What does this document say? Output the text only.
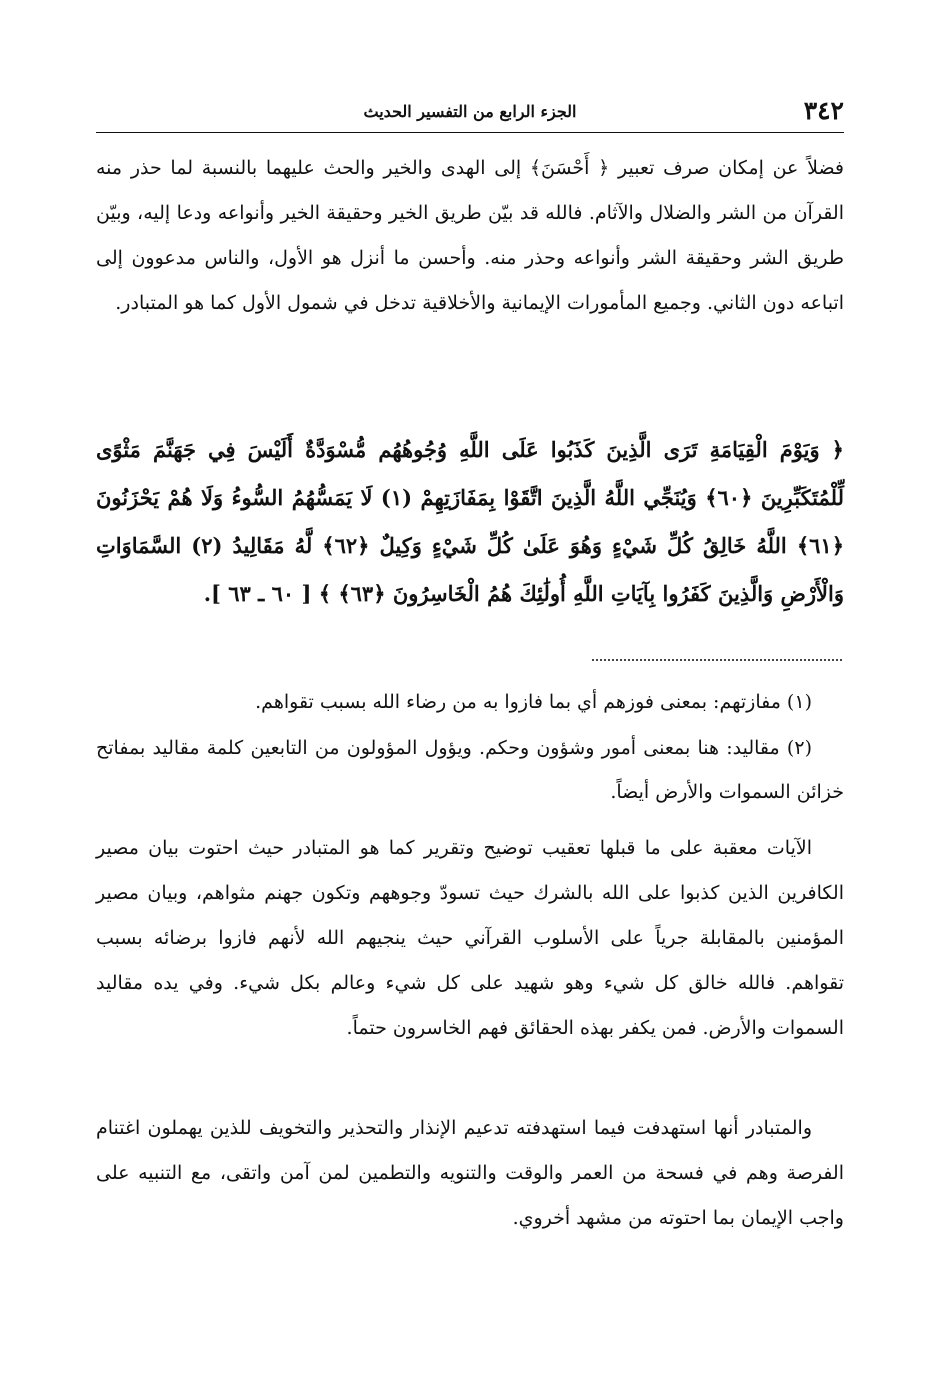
٣٤٢
الجزء الرابع من التفسير الحديث

فضلاً عن إمكان صرف تعبير ﴿ أَحْسَنَ﴾ إلى الهدى والخير والحث عليهما بالنسبة لما حذر منه القرآن من الشر والضلال والآثام. فالله قد بيّن طريق الخير وحقيقة الخير وأنواعه ودعا إليه، وبيّن طريق الشر وحقيقة الشر وأنواعه وحذر منه. وأحسن ما أنزل هو الأول، والناس مدعوون إلى اتباعه دون الثاني. وجميع المأمورات الإيمانية والأخلاقية تدخل في شمول الأول كما هو المتبادر.

﴿ وَيَوْمَ الْقِيَامَةِ تَرَى الَّذِينَ كَذَبُوا عَلَى اللَّهِ وُجُوهُهُم مُّسْوَدَّةٌ أَلَيْسَ فِي جَهَنَّمَ مَثْوًى لِّلْمُتَكَبِّرِينَ ﴿٦٠﴾ وَيُنَجِّي اللَّهُ الَّذِينَ اتَّقَوْا بِمَفَازَتِهِمْ (١) لَا يَمَسُّهُمُ السُّوءُ وَلَا هُمْ يَحْزَنُونَ ﴿٦١﴾ اللَّهُ خَالِقُ كُلِّ شَيْءٍ وَهُوَ عَلَىٰ كُلِّ شَيْءٍ وَكِيلٌ ﴿٦٢﴾ لَّهُ مَقَالِيدُ (٢) السَّمَاوَاتِ وَالْأَرْضِ وَالَّذِينَ كَفَرُوا بِآيَاتِ اللَّهِ أُولَٰئِكَ هُمُ الْخَاسِرُونَ ﴿٦٣﴾ ﴾ [ ٦٠ ـ ٦٣ ].

(١) مفازتهم: بمعنى فوزهم أي بما فازوا به من رضاء الله بسبب تقواهم.

(٢) مقاليد: هنا بمعنى أمور وشؤون وحكم. ويؤول المؤولون من التابعين كلمة مقاليد بمفاتح خزائن السموات والأرض أيضاً.

الآيات معقبة على ما قبلها تعقيب توضيح وتقرير كما هو المتبادر حيث احتوت بيان مصير الكافرين الذين كذبوا على الله بالشرك حيث تسودّ وجوههم وتكون جهنم مثواهم، وبيان مصير المؤمنين بالمقابلة جرياً على الأسلوب القرآني حيث ينجيهم الله لأنهم فازوا برضائه بسبب تقواهم. فالله خالق كل شيء وهو شهيد على كل شيء وعالم بكل شيء. وفي يده مقاليد السموات والأرض. فمن يكفر بهذه الحقائق فهم الخاسرون حتماً.

والمتبادر أنها استهدفت فيما استهدفته تدعيم الإنذار والتحذير والتخويف للذين يهملون اغتنام الفرصة وهم في فسحة من العمر والوقت والتنويه والتطمين لمن آمن واتقى، مع التنبيه على واجب الإيمان بما احتوته من مشهد أخروي.
